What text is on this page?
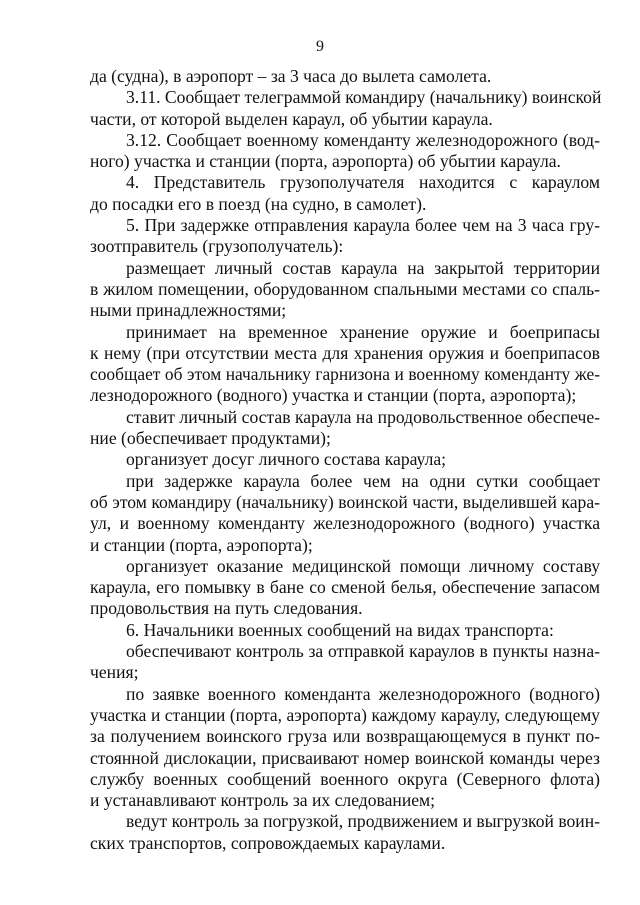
9
да (судна), в аэропорт – за 3 часа до вылета самолета.
3.11. Сообщает телеграммой командиру (начальнику) воинской
части, от которой выделен караул, об убытии караула.
3.12. Сообщает военному коменданту железнодорожного (вод-
ного) участка и станции (порта, аэропорта) об убытии караула.
4. Представитель грузополучателя находится с караулом
до посадки его в поезд (на судно, в самолет).
5. При задержке отправления караула более чем на 3 часа гру-
зоотправитель (грузополучатель):
размещает личный состав караула на закрытой территории
в жилом помещении, оборудованном спальными местами со спаль-
ными принадлежностями;
принимает на временное хранение оружие и боеприпасы
к нему (при отсутствии места для хранения оружия и боеприпасов
сообщает об этом начальнику гарнизона и военному коменданту же-
лезнодорожного (водного) участка и станции (порта, аэропорта);
ставит личный состав караула на продовольственное обеспече-
ние (обеспечивает продуктами);
организует досуг личного состава караула;
при задержке караула более чем на одни сутки сообщает
об этом командиру (начальнику) воинской части, выделившей кара-
ул, и военному коменданту железнодорожного (водного) участка
и станции (порта, аэропорта);
организует оказание медицинской помощи личному составу
караула, его помывку в бане со сменой белья, обеспечение запасом
продовольствия на путь следования.
6. Начальники военных сообщений на видах транспорта:
обеспечивают контроль за отправкой караулов в пункты назна-
чения;
по заявке военного коменданта железнодорожного (водного)
участка и станции (порта, аэропорта) каждому караулу, следующему
за получением воинского груза или возвращающемуся в пункт по-
стоянной дислокации, присваивают номер воинской команды через
службу военных сообщений военного округа (Северного флота)
и устанавливают контроль за их следованием;
ведут контроль за погрузкой, продвижением и выгрузкой воин-
ских транспортов, сопровождаемых караулами.
